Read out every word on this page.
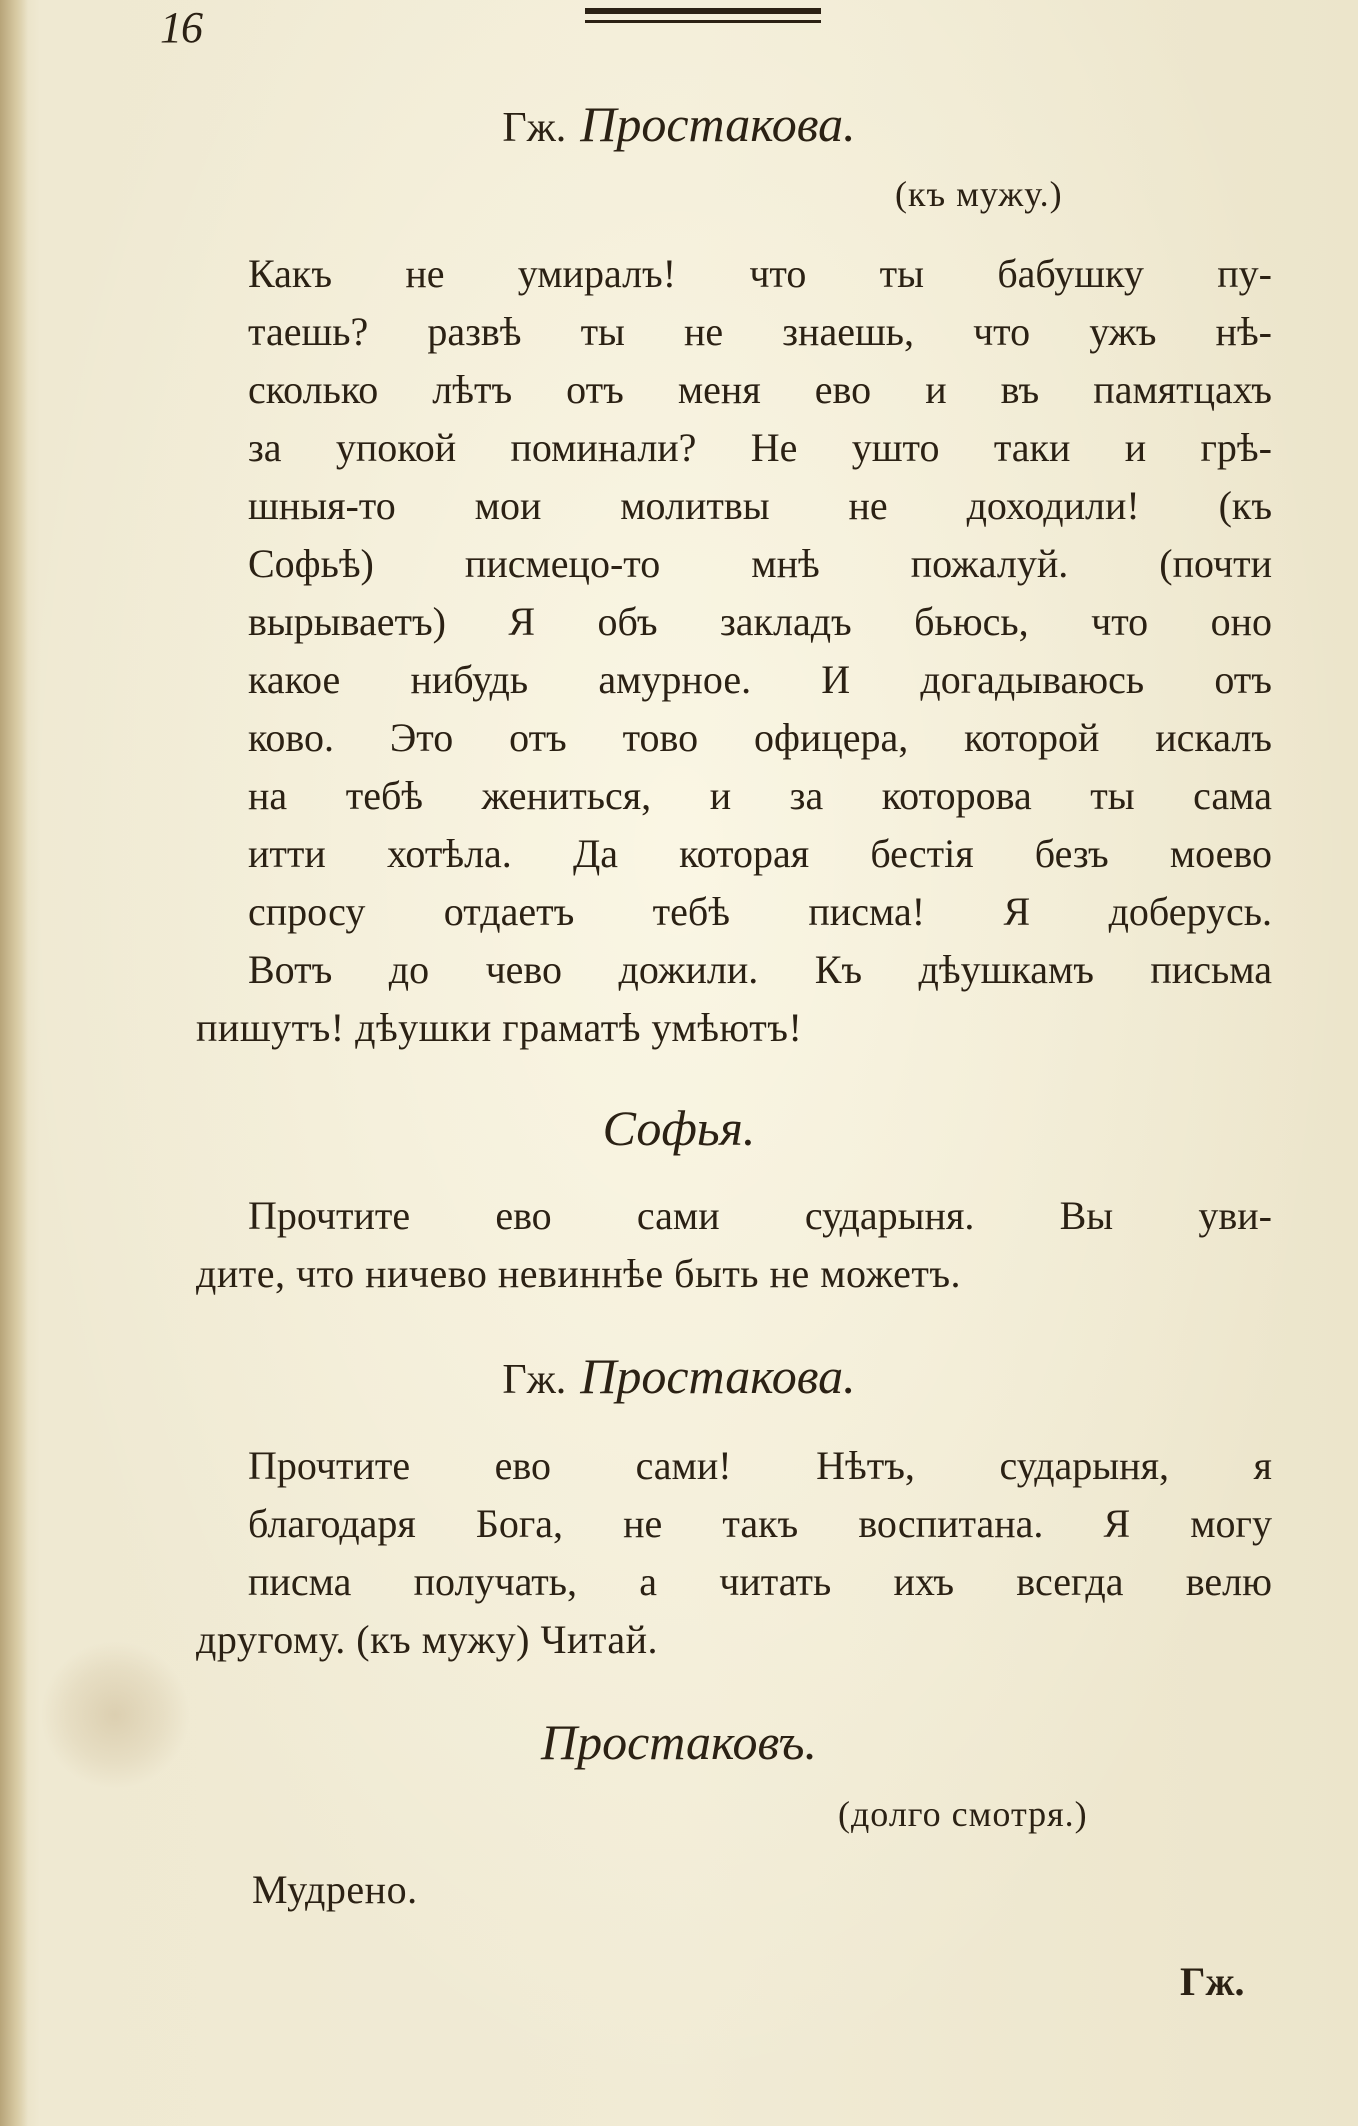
16
Гж. Простакова.
(къ мужу.)
Какъ не умиралъ! что ты бабушку пу-
таешь? развѣ ты не знаешь, что ужъ нѣ-
сколько лѣтъ отъ меня ево и въ памятцахъ
за упокой поминали? Не ушто таки и грѣ-
шныя-то мои молитвы не доходили! (къ
Софьѣ) писмецо-то мнѣ пожалуй. (почти
вырываетъ) Я объ закладъ бьюсь, что оно
какое нибудь амурное. И догадываюсь отъ
ково. Это отъ тово офицера, которой искалъ
на тебѣ жениться, и за которова ты сама
итти хотѣла. Да которая бестія безъ моево
спросу отдаетъ тебѣ писма! Я доберусь.
Вотъ до чево дожили. Къ дѣушкамъ письма
пишутъ! дѣушки граматѣ умѣютъ!
Софья.
Прочтите ево сами сударыня. Вы уви-
дите, что ничево невиннѣе быть не можетъ.
Гж. Простакова.
Прочтите ево сами! Нѣтъ, сударыня, я
благодаря Бога, не такъ воспитана. Я могу
писма получать, а читать ихъ всегда велю
другому. (къ мужу) Читай.
Простаковъ.
(долго смотря.)
Мудрено.
Гж.
